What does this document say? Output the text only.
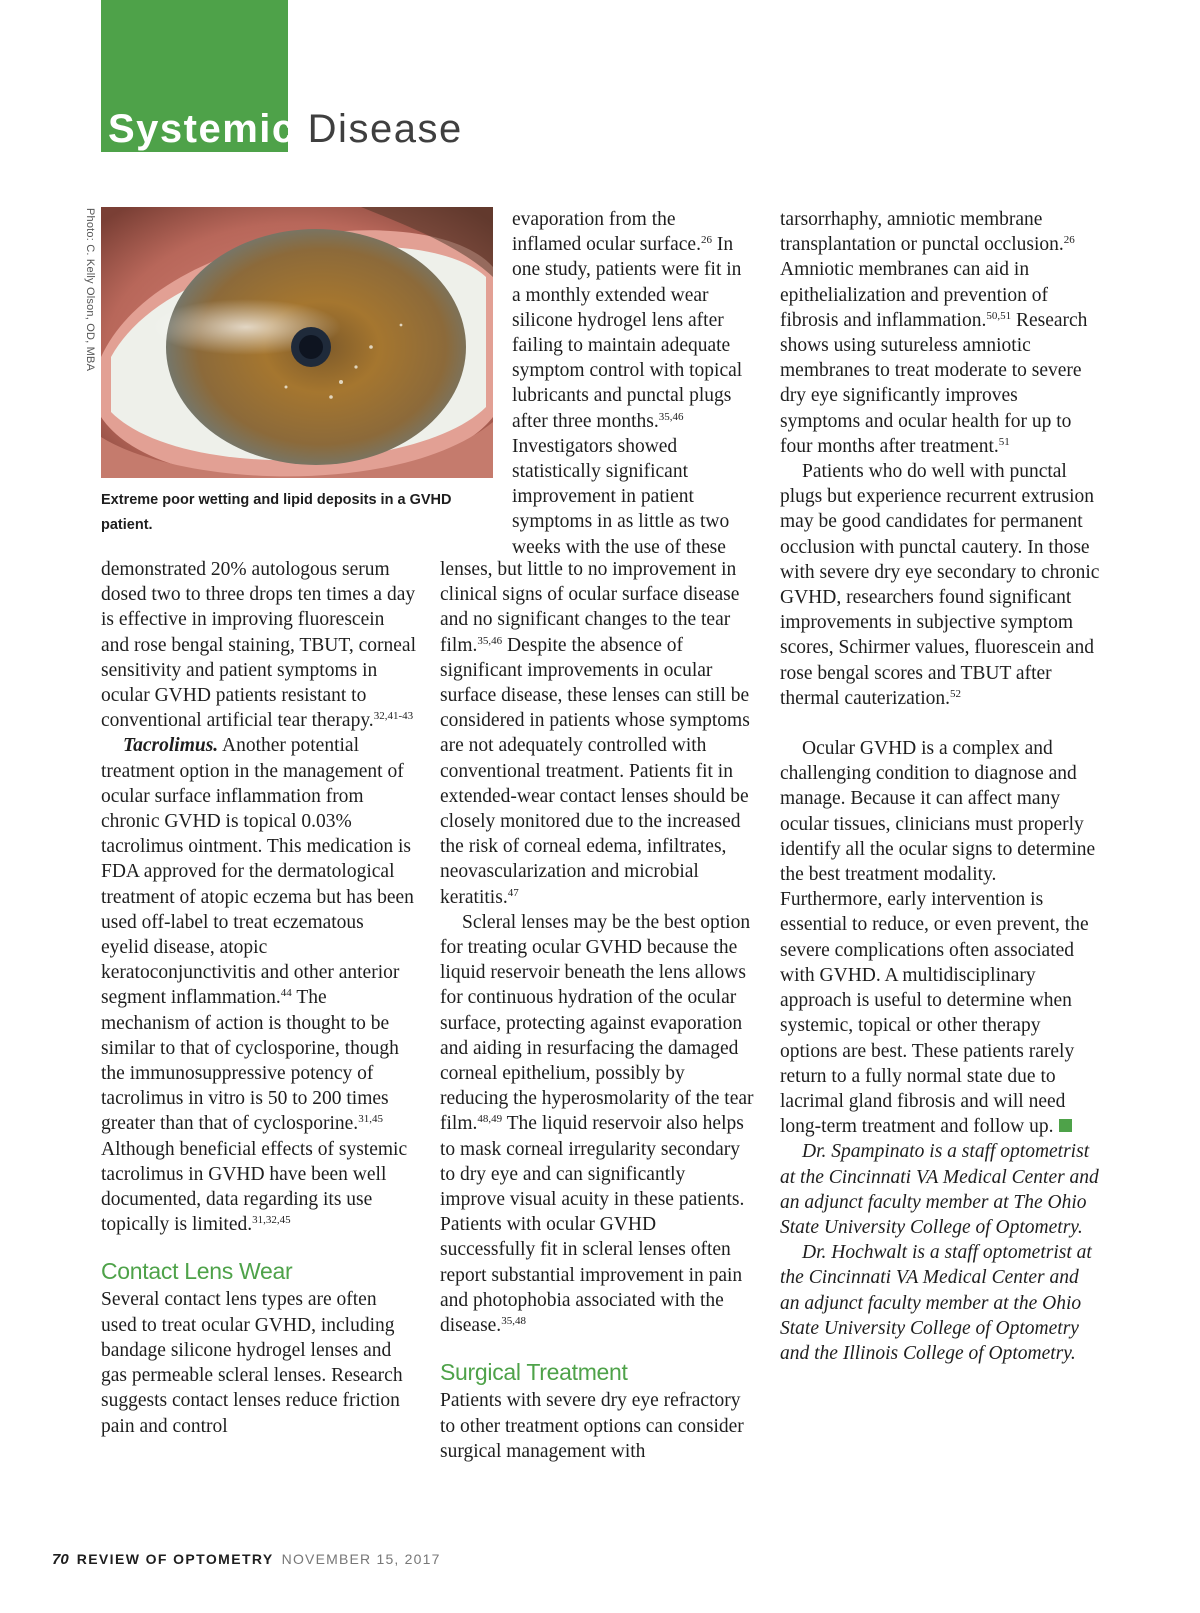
Systemic Disease
Photo: C. Kelly Olson, OD, MBA

Extreme poor wetting and lipid deposits in a GVHD patient.

demonstrated 20% autologous serum dosed two to three drops ten times a day is effective in improving fluorescein and rose bengal staining, TBUT, corneal sensitivity and patient symptoms in ocular GVHD patients resistant to conventional artificial tear therapy.$^{32,41-43}$

Tacrolimus. Another potential treatment option in the management of ocular surface inflammation from chronic GVHD is topical 0.03% tacrolimus ointment. This medication is FDA approved for the dermatological treatment of atopic eczema but has been used off-label to treat eczematous eyelid disease, atopic keratoconjunctivitis and other anterior segment inflammation.$^{44}$ The mechanism of action is thought to be similar to that of cyclosporine, though the immunosuppressive potency of tacrolimus in vitro is 50 to 200 times greater than that of cyclosporine.$^{31,45}$ Although beneficial effects of systemic tacrolimus in GVHD have been well documented, data regarding its use topically is limited.$^{31,32,45}$

Contact Lens Wear

Several contact lens types are often used to treat ocular GVHD, including bandage silicone hydrogel lenses and gas permeable scleral lenses. Research suggests contact lenses reduce friction pain and control

evaporation from the inflamed ocular surface.$^{26}$ In one study, patients were fit in a monthly extended wear silicone hydrogel lens after failing to maintain adequate symptom control with topical lubricants and punctal plugs after three months.$^{35,46}$ Investigators showed statistically significant improvement in patient symptoms in as little as two weeks with the use of these

lenses, but little to no improvement in clinical signs of ocular surface disease and no significant changes to the tear film.$^{35,46}$ Despite the absence of significant improvements in ocular surface disease, these lenses can still be considered in patients whose symptoms are not adequately controlled with conventional treatment. Patients fit in extended-wear contact lenses should be closely monitored due to the increased the risk of corneal edema, infiltrates, neovascularization and microbial keratitis.$^{47}$

Scleral lenses may be the best option for treating ocular GVHD because the liquid reservoir beneath the lens allows for continuous hydration of the ocular surface, protecting against evaporation and aiding in resurfacing the damaged corneal epithelium, possibly by reducing the hyperosmolarity of the tear film.$^{48,49}$ The liquid reservoir also helps to mask corneal irregularity secondary to dry eye and can significantly improve visual acuity in these patients. Patients with ocular GVHD successfully fit in scleral lenses often report substantial improvement in pain and photophobia associated with the disease.$^{35,48}$

Surgical Treatment

Patients with severe dry eye refractory to other treatment options can consider surgical management with

tarsorrhaphy, amniotic membrane transplantation or punctal occlusion.$^{26}$ Amniotic membranes can aid in epithelialization and prevention of fibrosis and inflammation.$^{50,51}$ Research shows using sutureless amniotic membranes to treat moderate to severe dry eye significantly improves symptoms and ocular health for up to four months after treatment.$^{51}$

Patients who do well with punctal plugs but experience recurrent extrusion may be good candidates for permanent occlusion with punctal cautery. In those with severe dry eye secondary to chronic GVHD, researchers found significant improvements in subjective symptom scores, Schirmer values, fluorescein and rose bengal scores and TBUT after thermal cauterization.$^{52}$

Ocular GVHD is a complex and challenging condition to diagnose and manage. Because it can affect many ocular tissues, clinicians must properly identify all the ocular signs to determine the best treatment modality. Furthermore, early intervention is essential to reduce, or even prevent, the severe complications often associated with GVHD. A multidisciplinary approach is useful to determine when systemic, topical or other therapy options are best. These patients rarely return to a fully normal state due to lacrimal gland fibrosis and will need long-term treatment and follow up.

Dr. Spampinato is a staff optometrist at the Cincinnati VA Medical Center and an adjunct faculty member at The Ohio State University College of Optometry.

Dr. Hochwalt is a staff optometrist at the Cincinnati VA Medical Center and an adjunct faculty member at the Ohio State University College of Optometry and the Illinois College of Optometry.

70 REVIEW OF OPTOMETRY NOVEMBER 15, 2017
